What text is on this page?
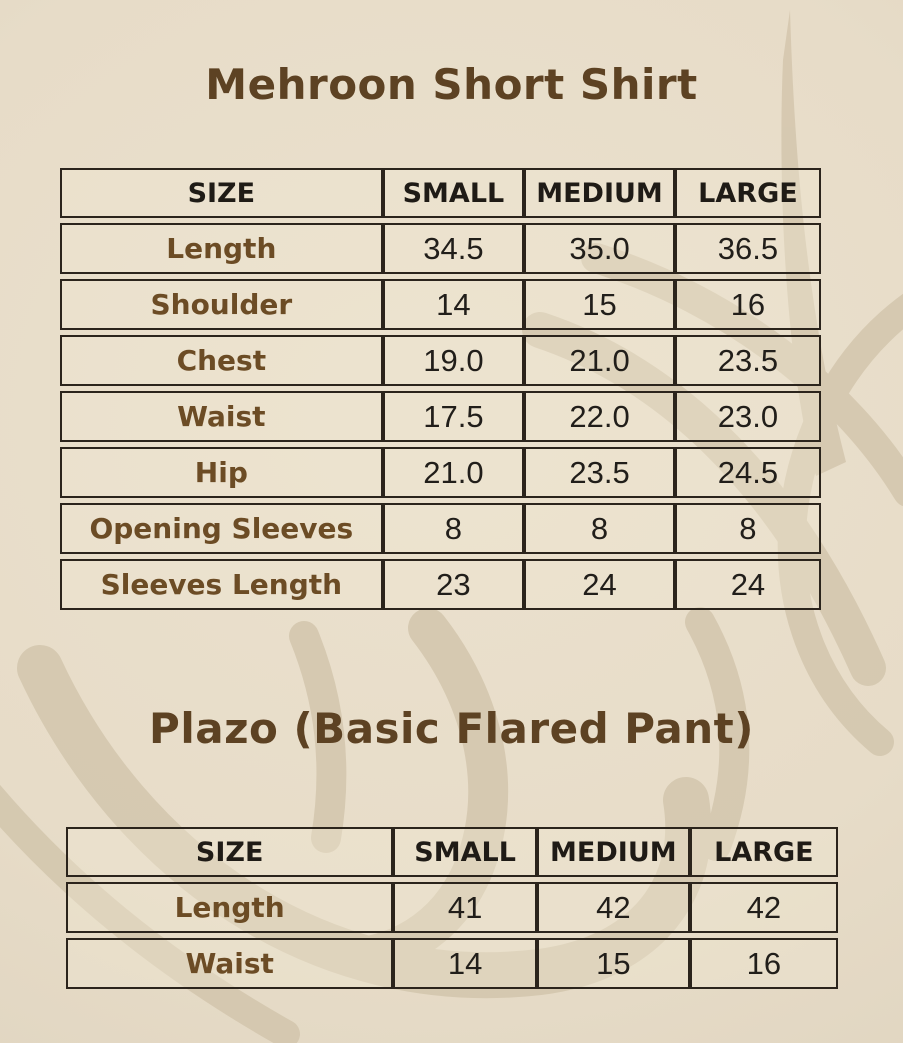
Mehroon Short Shirt
SIZE	SMALL	MEDIUM	LARGE
Length	34.5	35.0	36.5
Shoulder	14	15	16
Chest	19.0	21.0	23.5
Waist	17.5	22.0	23.0
Hip	21.0	23.5	24.5
Opening Sleeves	8	8	8
Sleeves Length	23	24	24
Plazo (Basic Flared Pant)
SIZE	SMALL	MEDIUM	LARGE
Length	41	42	42
Waist	14	15	16
